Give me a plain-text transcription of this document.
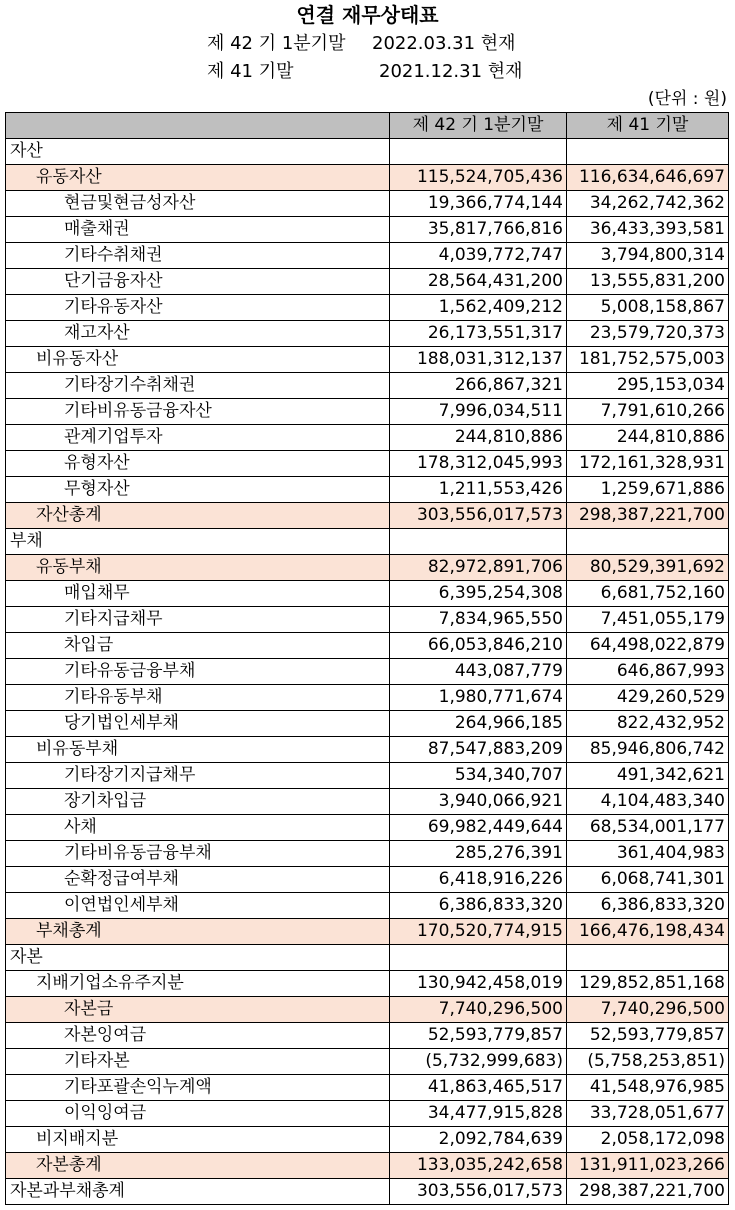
연결 재무상태표
제 42 기 1분기말 2022.03.31 현재
제 41 기말	2021.12.31 현재
(단위 : 원)
	제 42 기 1분기말	제 41 기말
자산		
유동자산	115,524,705,436	116,634,646,697
현금및현금성자산	19,366,774,144	34,262,742,362
매출채권	35,817,766,816	36,433,393,581
기타수취채권	4,039,772,747	3,794,800,314
단기금융자산	28,564,431,200	13,555,831,200
기타유동자산	1,562,409,212	5,008,158,867
재고자산	26,173,551,317	23,579,720,373
비유동자산	188,031,312,137	181,752,575,003
기타장기수취채권	266,867,321	295,153,034
기타비유동금융자산	7,996,034,511	7,791,610,266
관계기업투자	244,810,886	244,810,886
유형자산	178,312,045,993	172,161,328,931
무형자산	1,211,553,426	1,259,671,886
자산총계	303,556,017,573	298,387,221,700
부채		
유동부채	82,972,891,706	80,529,391,692
매입채무	6,395,254,308	6,681,752,160
기타지급채무	7,834,965,550	7,451,055,179
차입금	66,053,846,210	64,498,022,879
기타유동금융부채	443,087,779	646,867,993
기타유동부채	1,980,771,674	429,260,529
당기법인세부채	264,966,185	822,432,952
비유동부채	87,547,883,209	85,946,806,742
기타장기지급채무	534,340,707	491,342,621
장기차입금	3,940,066,921	4,104,483,340
사채	69,982,449,644	68,534,001,177
기타비유동금융부채	285,276,391	361,404,983
순확정급여부채	6,418,916,226	6,068,741,301
이연법인세부채	6,386,833,320	6,386,833,320
부채총계	170,520,774,915	166,476,198,434
자본		
지배기업소유주지분	130,942,458,019	129,852,851,168
자본금	7,740,296,500	7,740,296,500
자본잉여금	52,593,779,857	52,593,779,857
기타자본	(5,732,999,683)	(5,758,253,851)
기타포괄손익누계액	41,863,465,517	41,548,976,985
이익잉여금	34,477,915,828	33,728,051,677
비지배지분	2,092,784,639	2,058,172,098
자본총계	133,035,242,658	131,911,023,266
자본과부채총계	303,556,017,573	298,387,221,700
